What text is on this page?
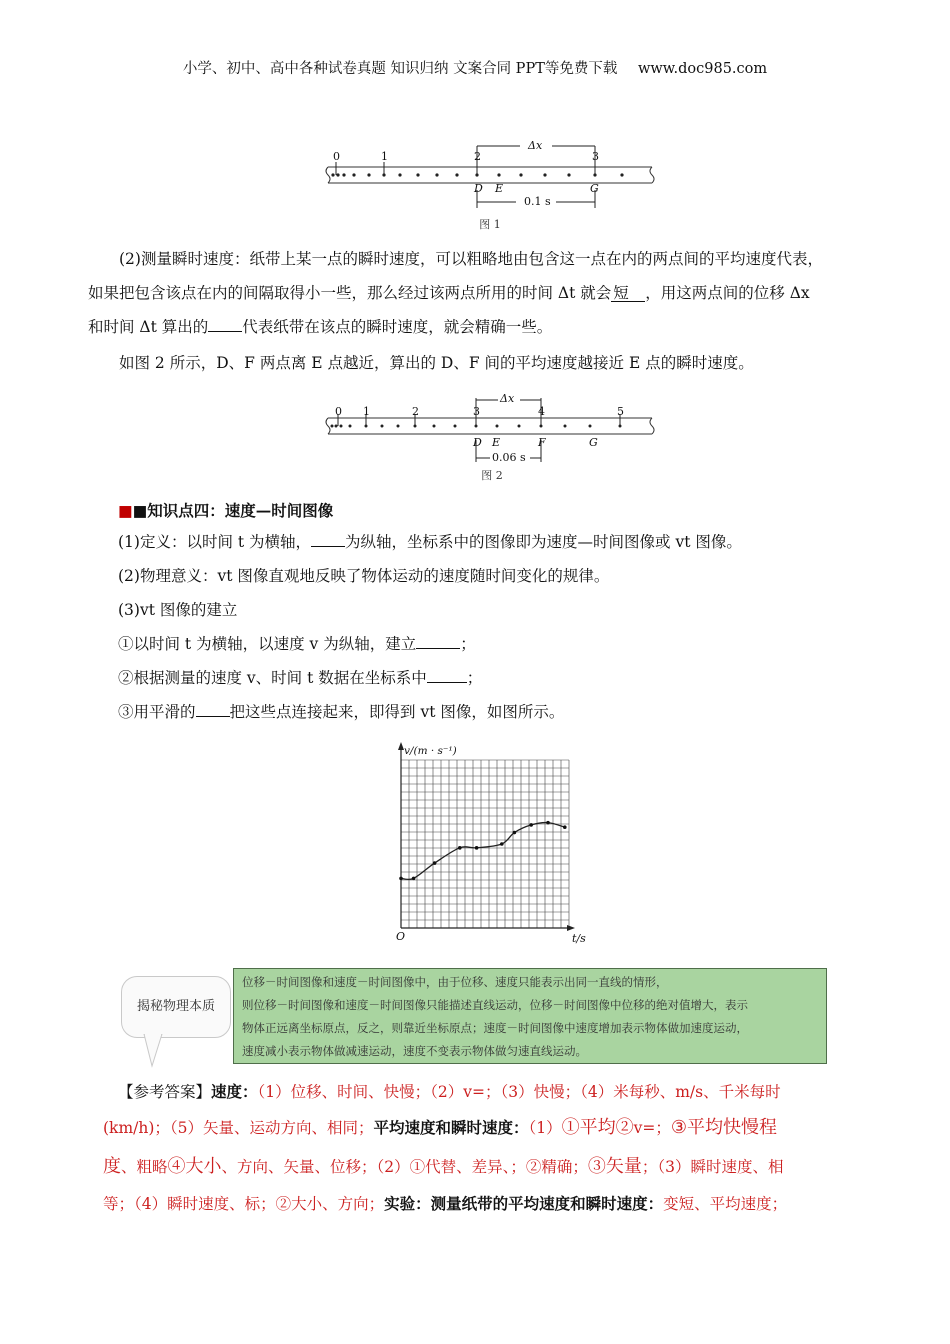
小学、初中、高中各种试卷真题 知识归纳 文案合同 PPT等免费下载 www.doc985.com
0	1	2	3
Δx
D E	G
0.1 s
图 1
(2)测量瞬时速度：纸带上某一点的瞬时速度，可以粗略地由包含这一点在内的两点间的平均速度代表，
如果把包含该点在内的间隔取得小一些，那么经过该两点所用的时间 Δt 就会 短 ，用这两点间的位移 Δx
和时间 Δt 算出的 代表纸带在该点的瞬时速度，就会精确一些。
如图 2 所示，D、F 两点离 E 点越近，算出的 D、F 间的平均速度越接近 E 点的瞬时速度。
0 1	2	3	4	5
Δx
D E	F	G
0.06 s
图 2
■■知识点四：速度—时间图像
(1)定义：以时间 t 为横轴， 为纵轴，坐标系中的图像即为速度—时间图像或 vt 图像。
(2)物理意义：vt 图像直观地反映了物体运动的速度随时间变化的规律。
(3)vt 图像的建立
①以时间 t 为横轴，以速度 v 为纵轴，建立	；
②根据测量的速度 v、时间 t 数据在坐标系中	；
③用平滑的 把这些点连接起来，即得到 vt 图像，如图所示。
v/(m · s⁻¹)
O	t/s
揭秘物理本质
位移－时间图像和速度－时间图像中，由于位移、速度只能表示出同一直线的情形，
则位移－时间图像和速度－时间图像只能描述直线运动，位移－时间图像中位移的绝对值增大，表示
物体正远离坐标原点，反之，则靠近坐标原点；速度－时间图像中速度增加表示物体做加速度运动，
速度减小表示物体做减速运动，速度不变表示物体做匀速直线运动。
【参考答案】速度：（1）位移、时间、快慢；（2）v=；（3）快慢；（4）米每秒、m/s、千米每时
(km/h)；（5）矢量、运动方向、相同；平均速度和瞬时速度：（1）①平均②v=；③平均快慢程
度、粗略④大小、方向、矢量、位移；（2）①代替、差异、；②精确；③矢量；（3）瞬时速度、相
等；（4）瞬时速度、标；②大小、方向；实验：测量纸带的平均速度和瞬时速度：变短、平均速度；
